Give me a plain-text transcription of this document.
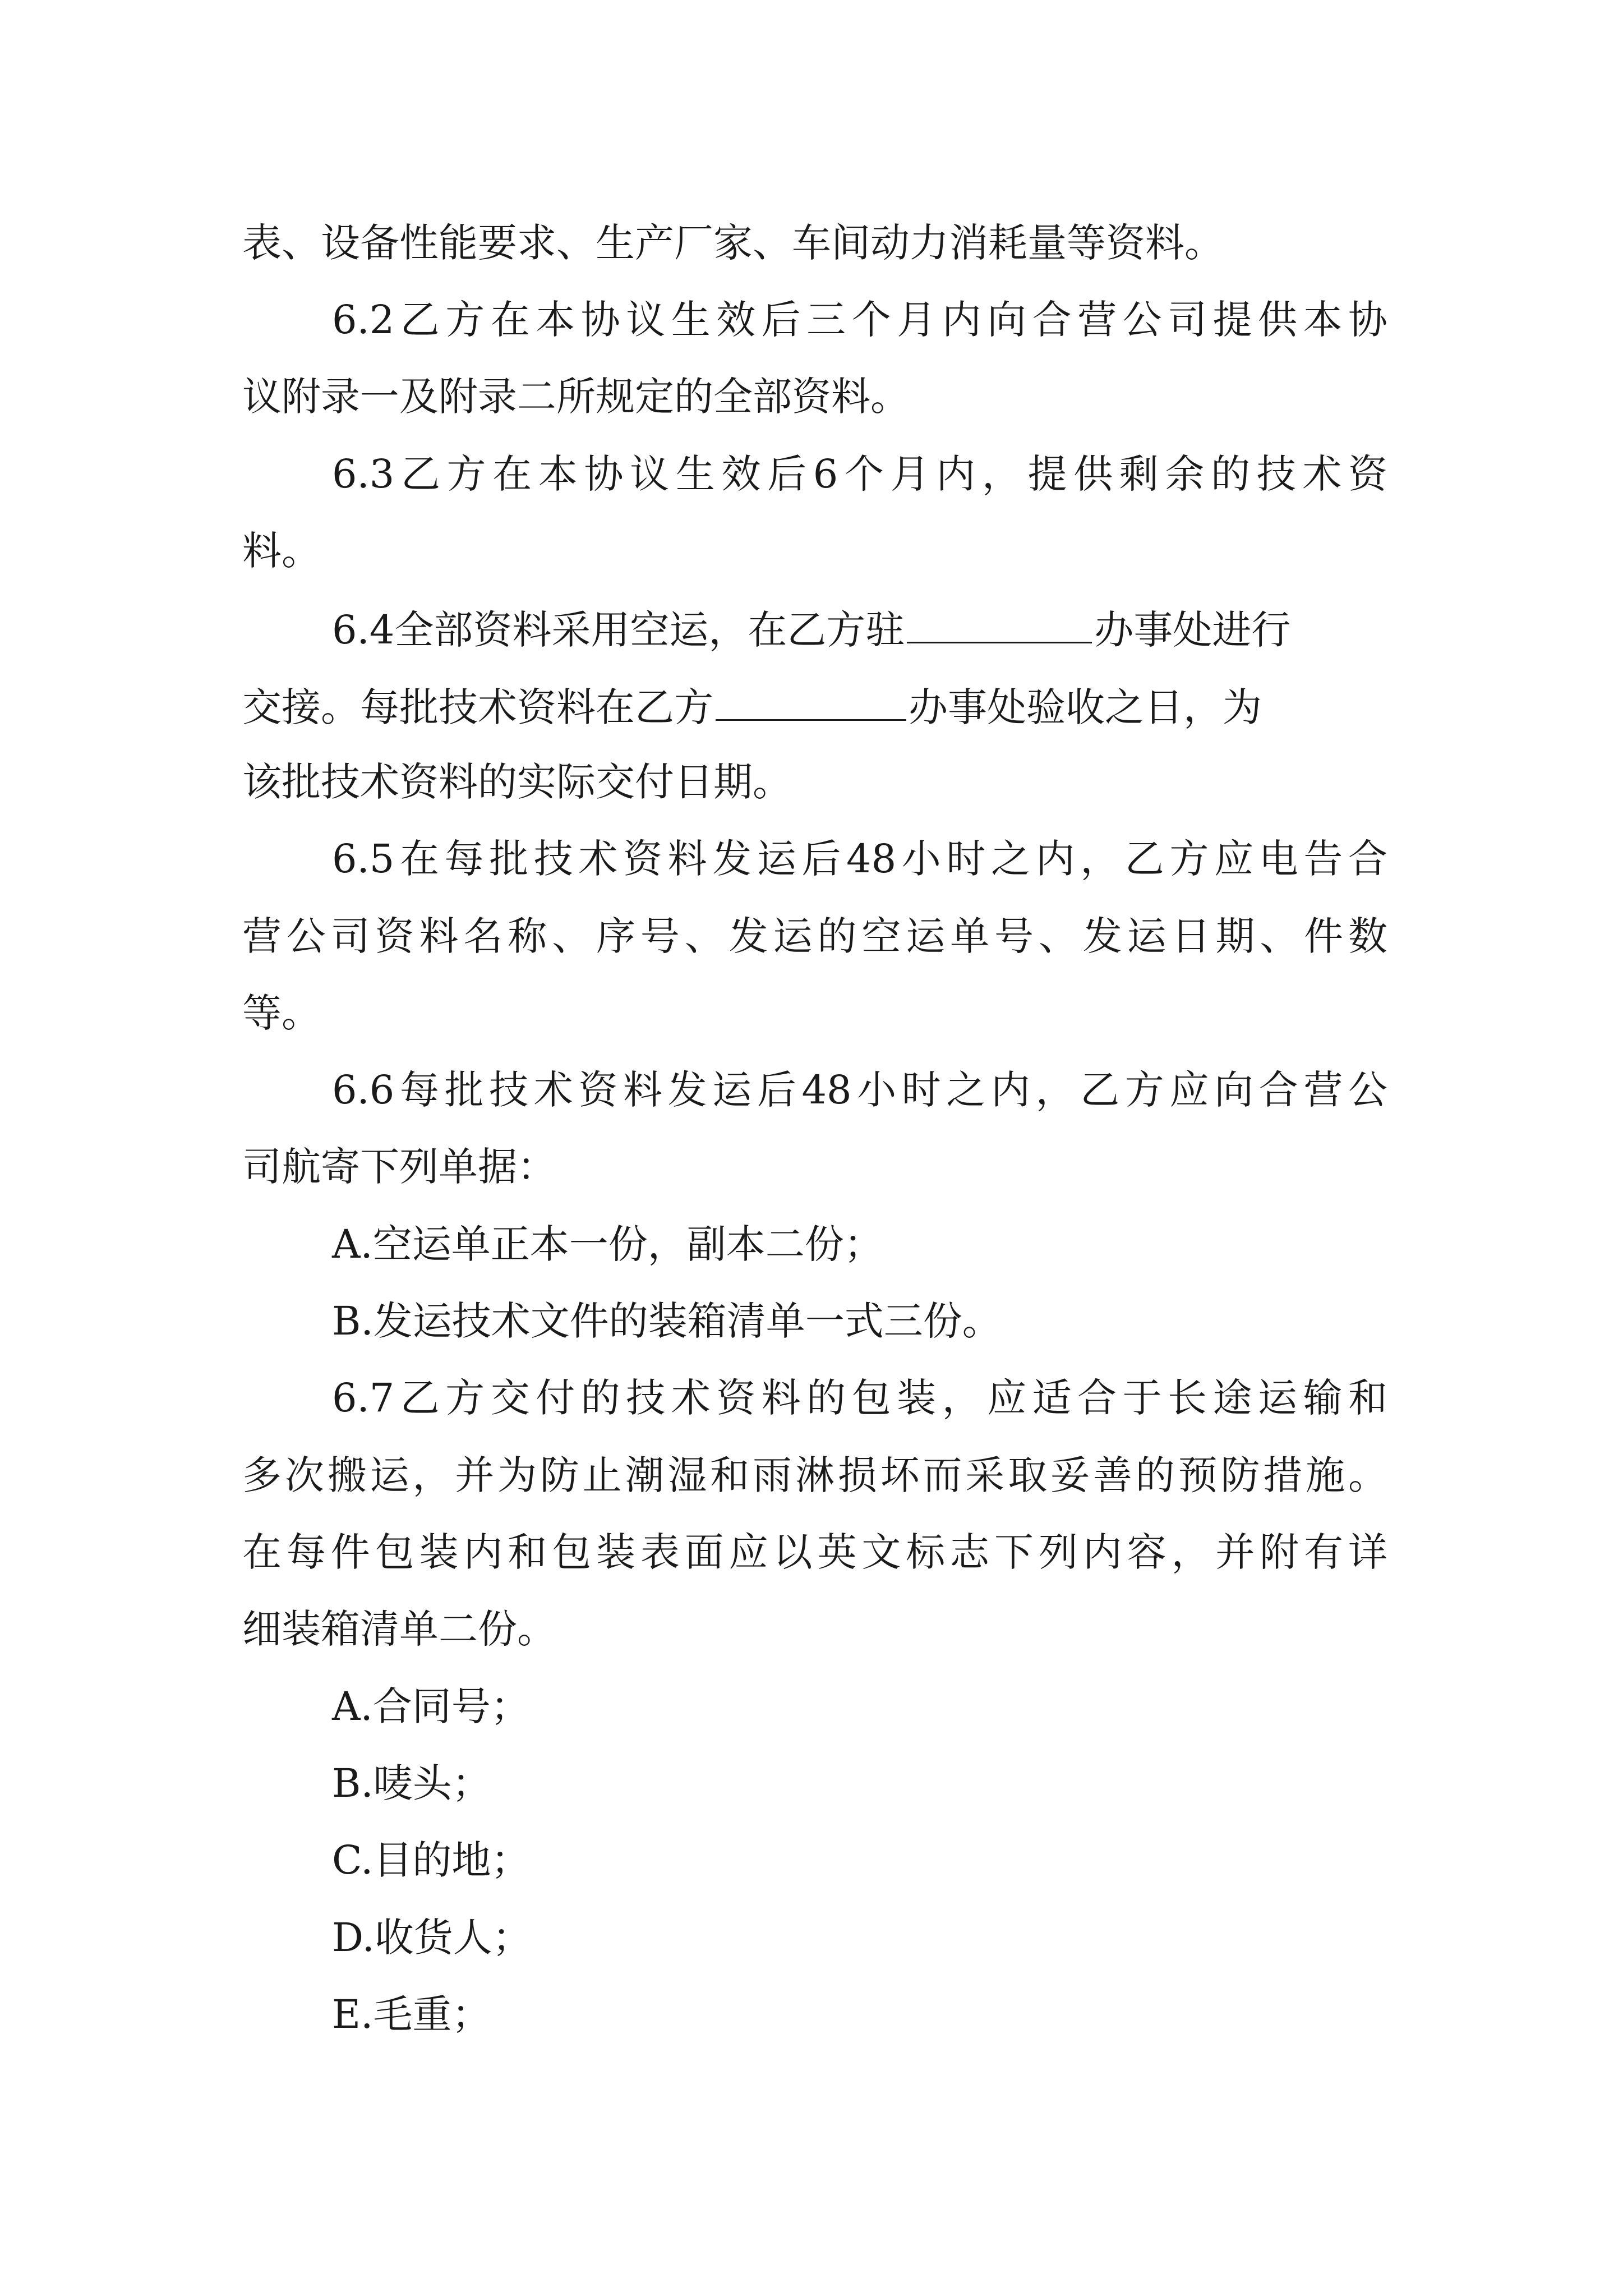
表、设备性能要求、生产厂家、车间动力消耗量等资料。
6.2乙方在本协议生效后三个月内向合营公司提供本协
议附录一及附录二所规定的全部资料。
6.3乙方在本协议生效后6个月内，提供剩余的技术资
料。
6.4全部资料采用空运，在乙方驻	办事处进行
交接。每批技术资料在乙方	办事处验收之日，为
该批技术资料的实际交付日期。
6.5在每批技术资料发运后48小时之内，乙方应电告合
营公司资料名称、序号、发运的空运单号、发运日期、件数
等。
6.6每批技术资料发运后48小时之内，乙方应向合营公
司航寄下列单据：
A.空运单正本一份，副本二份；
B.发运技术文件的装箱清单一式三份。
6.7乙方交付的技术资料的包装，应适合于长途运输和
多次搬运，并为防止潮湿和雨淋损坏而采取妥善的预防措施。
在每件包装内和包装表面应以英文标志下列内容，并附有详
细装箱清单二份。
A.合同号；
B.唛头；
C.目的地；
D.收货人；
E.毛重；
